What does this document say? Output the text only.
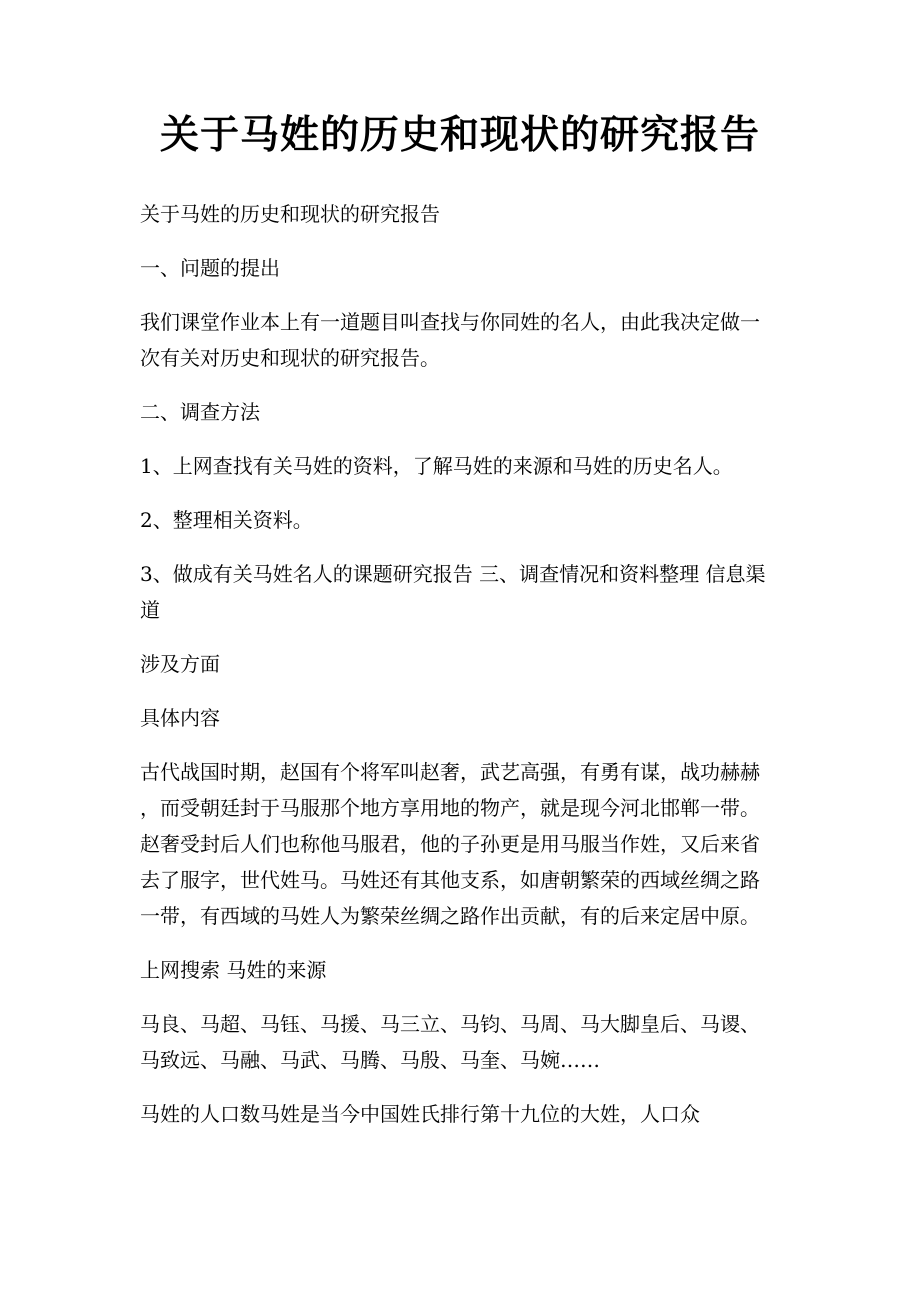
关于马姓的历史和现状的研究报告

关于马姓的历史和现状的研究报告

一、问题的提出

我们课堂作业本上有一道题目叫查找与你同姓的名人，由此我决定做一
次有关对历史和现状的研究报告。

二、调查方法

1、上网查找有关马姓的资料，了解马姓的来源和马姓的历史名人。

2、整理相关资料。

3、做成有关马姓名人的课题研究报告 三、调查情况和资料整理 信息渠
道

涉及方面

具体内容

古代战国时期，赵国有个将军叫赵奢，武艺高强，有勇有谋，战功赫赫
，而受朝廷封于马服那个地方享用地的物产，就是现今河北邯郸一带。
赵奢受封后人们也称他马服君，他的子孙更是用马服当作姓，又后来省
去了服字，世代姓马。马姓还有其他支系，如唐朝繁荣的西域丝绸之路
一带，有西域的马姓人为繁荣丝绸之路作出贡献，有的后来定居中原。

上网搜索 马姓的来源

马良、马超、马钰、马援、马三立、马钧、马周、马大脚皇后、马谡、
马致远、马融、马武、马腾、马殷、马奎、马婉……

马姓的人口数马姓是当今中国姓氏排行第十九位的大姓，人口众
